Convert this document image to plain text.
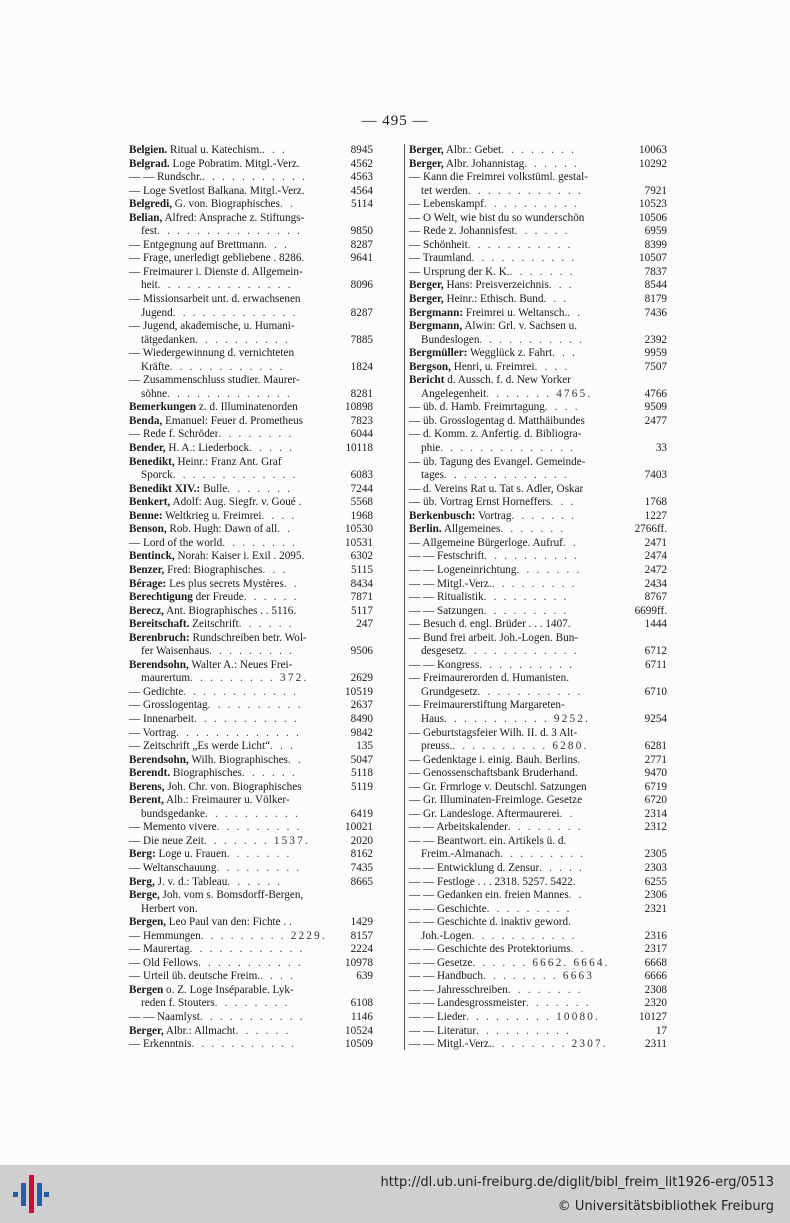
— 495 —
Belgien. Ritual u. Katechism. . . .	8945
Belgrad. Loge Pobratim. Mitgl.-Verz.	4562
— — Rundschr. . . . . . . . . . . .	4563
— Loge Svetlost Balkana. Mitgl.-Verz.	4564
Belgredi, G. von. Biographisches . .	5114
Belian, Alfred: Ansprache z. Stiftungs-
fest . . . . . . . . . . . . . . .	9850
— Entgegnung auf Brettmann . . .	8287
— Frage, unerledigt gebliebene . 8286.	9641
— Freimaurer i. Dienste d. Allgemein-
heit . . . . . . . . . . . . . .	8096
— Missionsarbeit unt. d. erwachsenen
Jugend . . . . . . . . . . . . .	8287
— Jugend, akademische, u. Humani-
tätgedanken . . . . . . . . . .	7885
— Wiedergewinnung d. vernichteten
Kräfte . . . . . . . . . . . .	1824
— Zusammenschluss studier. Maurer-
söhne . . . . . . . . . . . . .	8281
Bemerkungen z. d. Illuminatenorden	10898
Benda, Emanuel: Feuer d. Prometheus	7823
— Rede f. Schröder . . . . . . . .	6044
Bender, H. A.: Liederbock . . . . .	10118
Benedikt, Heinr.: Franz Ant. Graf
Sporck . . . . . . . . . . . . .	6083
Benedikt XIV.: Bulle . . . . . . .	7244
Benkert, Adolf: Aug. Siegfr. v. Goué .	5568
Benne: Weltkrieg u. Freimrei . . . .	1968
Benson, Rob. Hugh: Dawn of all . .	10530
— Lord of the world . . . . . . . .	10531
Bentinck, Norah: Kaiser i. Exil . 2095.	6302
Benzer, Fred: Biographisches . . .	5115
Bérage: Les plus secrets Mystères . .	8434
Berechtigung der Freude . . . . . .	7871
Berecz, Ant. Biographisches . . 5116.	5117
Bereitschaft. Zeitschrift . . . . . .	247
Berenbruch: Rundschreiben betr. Wol-
fer Waisenhaus . . . . . . . . .	9506
Berendsohn, Walter A.: Neues Frei-
maurertum . . . . . . . . . 372.	2629
— Gedichte . . . . . . . . . . . .	10519
— Grosslogentag . . . . . . . . . .	2637
— Innenarbeit . . . . . . . . . . .	8490
— Vortrag . . . . . . . . . . . . .	9842
— Zeitschrift „Es werde Licht“ . . .	135
Berendsohn, Wilh. Biographisches . .	5047
Berendt. Biographisches . . . . . .	5118
Berens, Joh. Chr. von. Biographisches	5119
Berent, Alb.: Freimaurer u. Völker-
bundsgedanke . . . . . . . . . .	6419
— Memento vivere . . . . . . . . .	10021
— Die neue Zeit . . . . . . . 1537.	2020
Berg: Loge u. Frauen . . . . . . .	8162
— Weltanschauung . . . . . . . . .	7435
Berg, J. v. d.: Tableau . . . . . .	8665
Berge, Joh. vom s. Bomsdorff-Bergen,
Herbert von.
Bergen, Leo Paul van den: Fichte . .	1429
— Hemmungen . . . . . . . . . 2229.	8157
— Maurertag . . . . . . . . . . . .	2224
— Old Fellows . . . . . . . . . . .	10978
— Urteil üb. deutsche Freim. . . . .	639
Bergen o. Z. Loge Inséparable. Lyk-
reden f. Stouters . . . . . . . .	6108
— — Naamlyst . . . . . . . . . . .	1146
Berger, Albr.: Allmacht . . . . . .	10524
— Erkenntnis . . . . . . . . . . .	10509
Berger, Albr.: Gebet . . . . . . . .	10063
Berger, Albr. Johannistag . . . . . .	10292
— Kann die Freimrei volkstüml. gestal-
tet werden . . . . . . . . . . . .	7921
— Lebenskampf . . . . . . . . . .	10523
— O Welt, wie bist du so wunderschön	10506
— Rede z. Johannisfest . . . . . .	6959
— Schönheit . . . . . . . . . . .	8399
— Traumland . . . . . . . . . . .	10507
— Ursprung der K. K. . . . . . . .	7837
Berger, Hans: Preisverzeichnis . . .	8544
Berger, Heinr.: Ethisch. Bund . . .	8179
Bergmann: Freimrei u. Weltansch. . .	7436
Bergmann, Alwin: Grl. v. Sachsen u.
Bundeslogen . . . . . . . . . . .	2392
Bergmüller: Wegglück z. Fahrt . . .	9959
Bergson, Henri, u. Freimrei . . . .	7507
Bericht d. Aussch. f. d. New Yorker
Angelegenheit . . . . . . . 4765.	4766
— üb. d. Hamb. Freimrtagung . . . .	9509
— üb. Grosslogentag d. Matthäibundes	2477
— d. Komm. z. Anfertig. d. Bibliogra-
phie . . . . . . . . . . . . . .	33
— üb. Tagung des Evangel. Gemeinde-
tages . . . . . . . . . . . . .	7403
— d. Vereins Rat u. Tat s. Adler, Oskar
— üb. Vortrag Ernst Horneffers . . .	1768
Berkenbusch: Vortrag . . . . . . .	1227
Berlin. Allgemeines . . . . . . .	2766ff.
— Allgemeine Bürgerloge. Aufruf . .	2471
— — Festschrift . . . . . . . . . .	2474
— — Logeneinrichtung . . . . . . .	2472
— — Mitgl.-Verz. . . . . . . . . .	2434
— — Ritualistik . . . . . . . . .	8767
— — Satzungen . . . . . . . . .	6699ff.
— Besuch d. engl. Brüder . . . 1407.	1444
— Bund frei arbeit. Joh.-Logen. Bun-
desgesetz . . . . . . . . . . . .	6712
— — Kongress . . . . . . . . . .	6711
— Freimaurerorden d. Humanisten.
Grundgesetz . . . . . . . . . . .	6710
— Freimaurerstiftung Margareten-
Haus . . . . . . . . . . . 9252.	9254
— Geburtstagsfeier Wilh. II. d. 3 Alt-
preuss. . . . . . . . . . . 6280.	6281
— Gedenktage i. einig. Bauh. Berlins .	2771
— Genossenschaftsbank Bruderhand .	9470
— Gr. Frmrloge v. Deutschl. Satzungen	6719
— Gr. Illuminaten-Freimloge. Gesetze	6720
— Gr. Landesloge. Aftermaurerei . .	2314
— — Arbeitskalender . . . . . . . .	2312
— — Beantwort. ein. Artikels ü. d.
Freim.-Almanach . . . . . . . . .	2305
— — Entwicklung d. Zensur . . . . .	2303
— — Festloge . . . 2318. 5257. 5422.	6255
— — Gedanken ein. freien Mannes . .	2306
— — Geschichte . . . . . . . . .	2321
— — Geschichte d. inaktiv geword.
Joh.-Logen . . . . . . . . . . .	2316
— — Geschichte des Protektoriums . .	2317
— — Gesetze . . . . . . 6662. 6664.	6668
— — Handbuch . . . . . . . . 6663	6666
— — Jahresschreiben . . . . . . . .	2308
— — Landesgrossmeister . . . . . . .	2320
— — Lieder . . . . . . . . . 10080.	10127
— — Literatur . . . . . . . . . .	17
— — Mitgl.-Verz. . . . . . . . . 2307.	2311
http://dl.ub.uni-freiburg.de/diglit/bibl_freim_lit1926-erg/0513
© Universitätsbibliothek Freiburg
